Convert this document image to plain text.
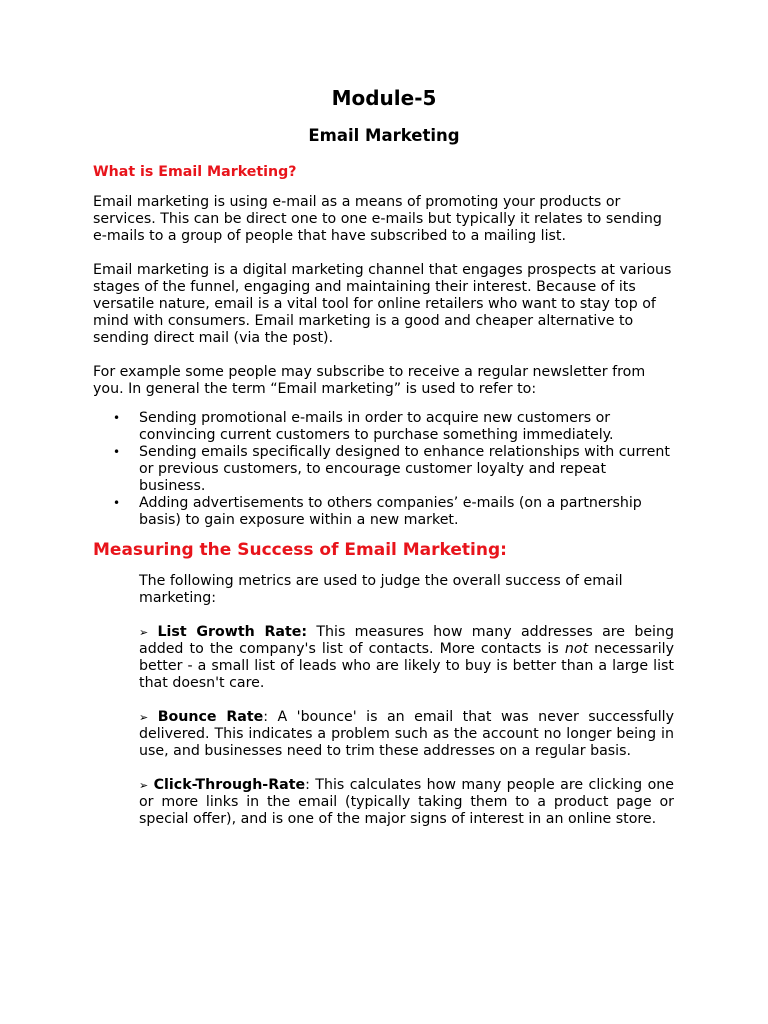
Module-5
Email Marketing
What is Email Marketing?

Email marketing is using e-mail as a means of promoting your products or services. This can be direct one to one e-mails but typically it relates to sending e-mails to a group of people that have subscribed to a mailing list.

Email marketing is a digital marketing channel that engages prospects at various stages of the funnel, engaging and maintaining their interest. Because of its versatile nature, email is a vital tool for online retailers who want to stay top of mind with consumers. Email marketing is a good and cheaper alternative to sending direct mail (via the post).

For example some people may subscribe to receive a regular newsletter from you. In general the term “Email marketing” is used to refer to:

• Sending promotional e-mails in order to acquire new customers or convincing current customers to purchase something immediately.
• Sending emails specifically designed to enhance relationships with current or previous customers, to encourage customer loyalty and repeat business.
• Adding advertisements to others companies’ e-mails (on a partnership basis) to gain exposure within a new market.
Measuring the Success of Email Marketing:

The following metrics are used to judge the overall success of email marketing:

➢ List Growth Rate: This measures how many addresses are being added to the company's list of contacts. More contacts is not necessarily better - a small list of leads who are likely to buy is better than a large list that doesn't care.

➢ Bounce Rate: A 'bounce' is an email that was never successfully delivered. This indicates a problem such as the account no longer being in use, and businesses need to trim these addresses on a regular basis.

➢ Click-Through-Rate: This calculates how many people are clicking one or more links in the email (typically taking them to a product page or special offer), and is one of the major signs of interest in an online store.
